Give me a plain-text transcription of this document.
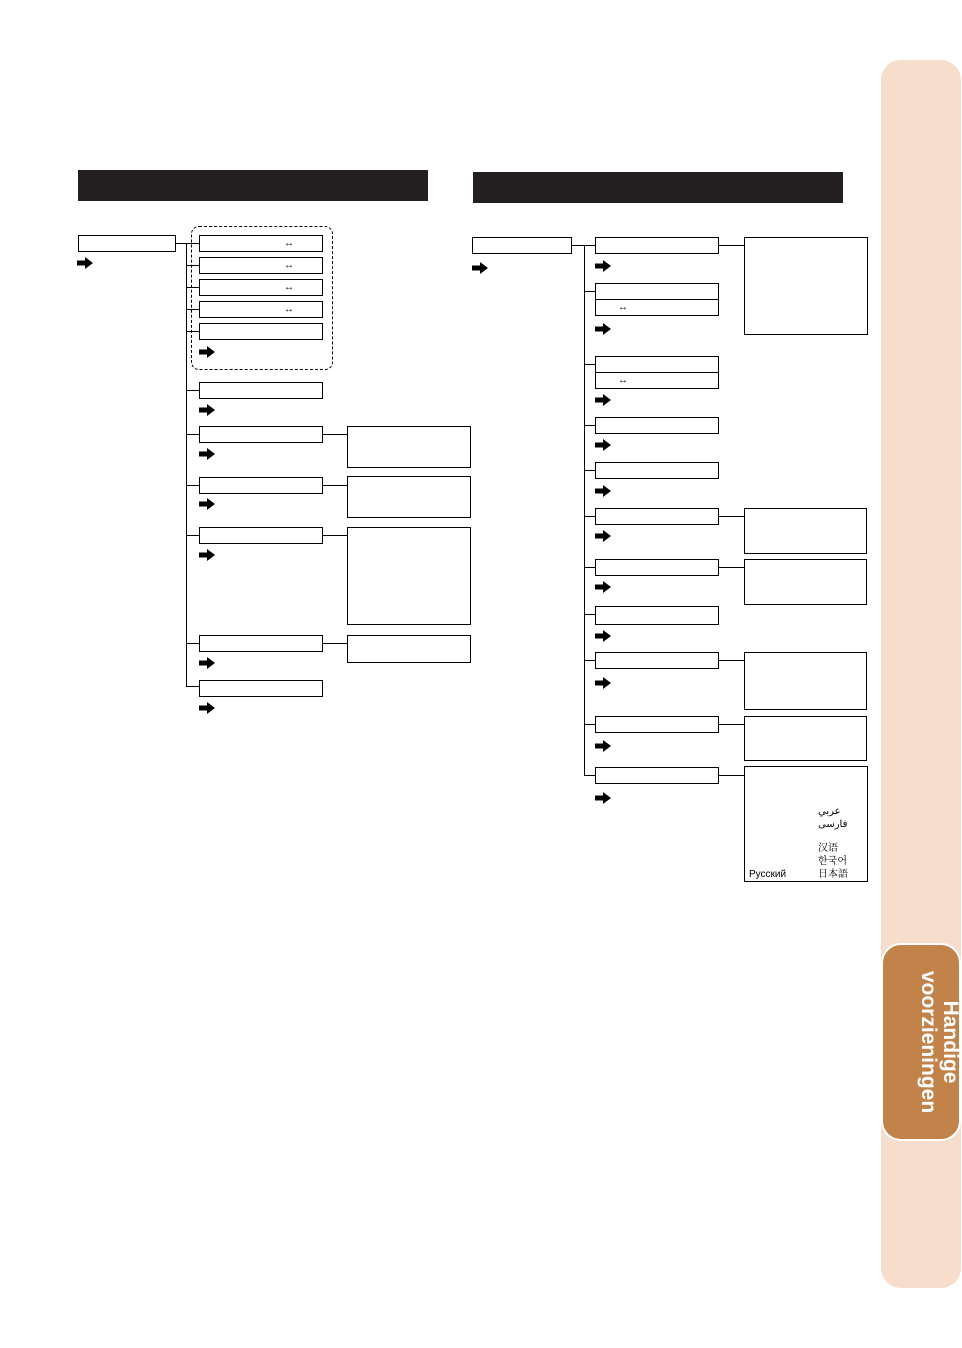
Handige
voorzieningen
↔
↔
↔
↔	↔
↔
عربي
فارسی
汉语
한국어
Русский	日本語
